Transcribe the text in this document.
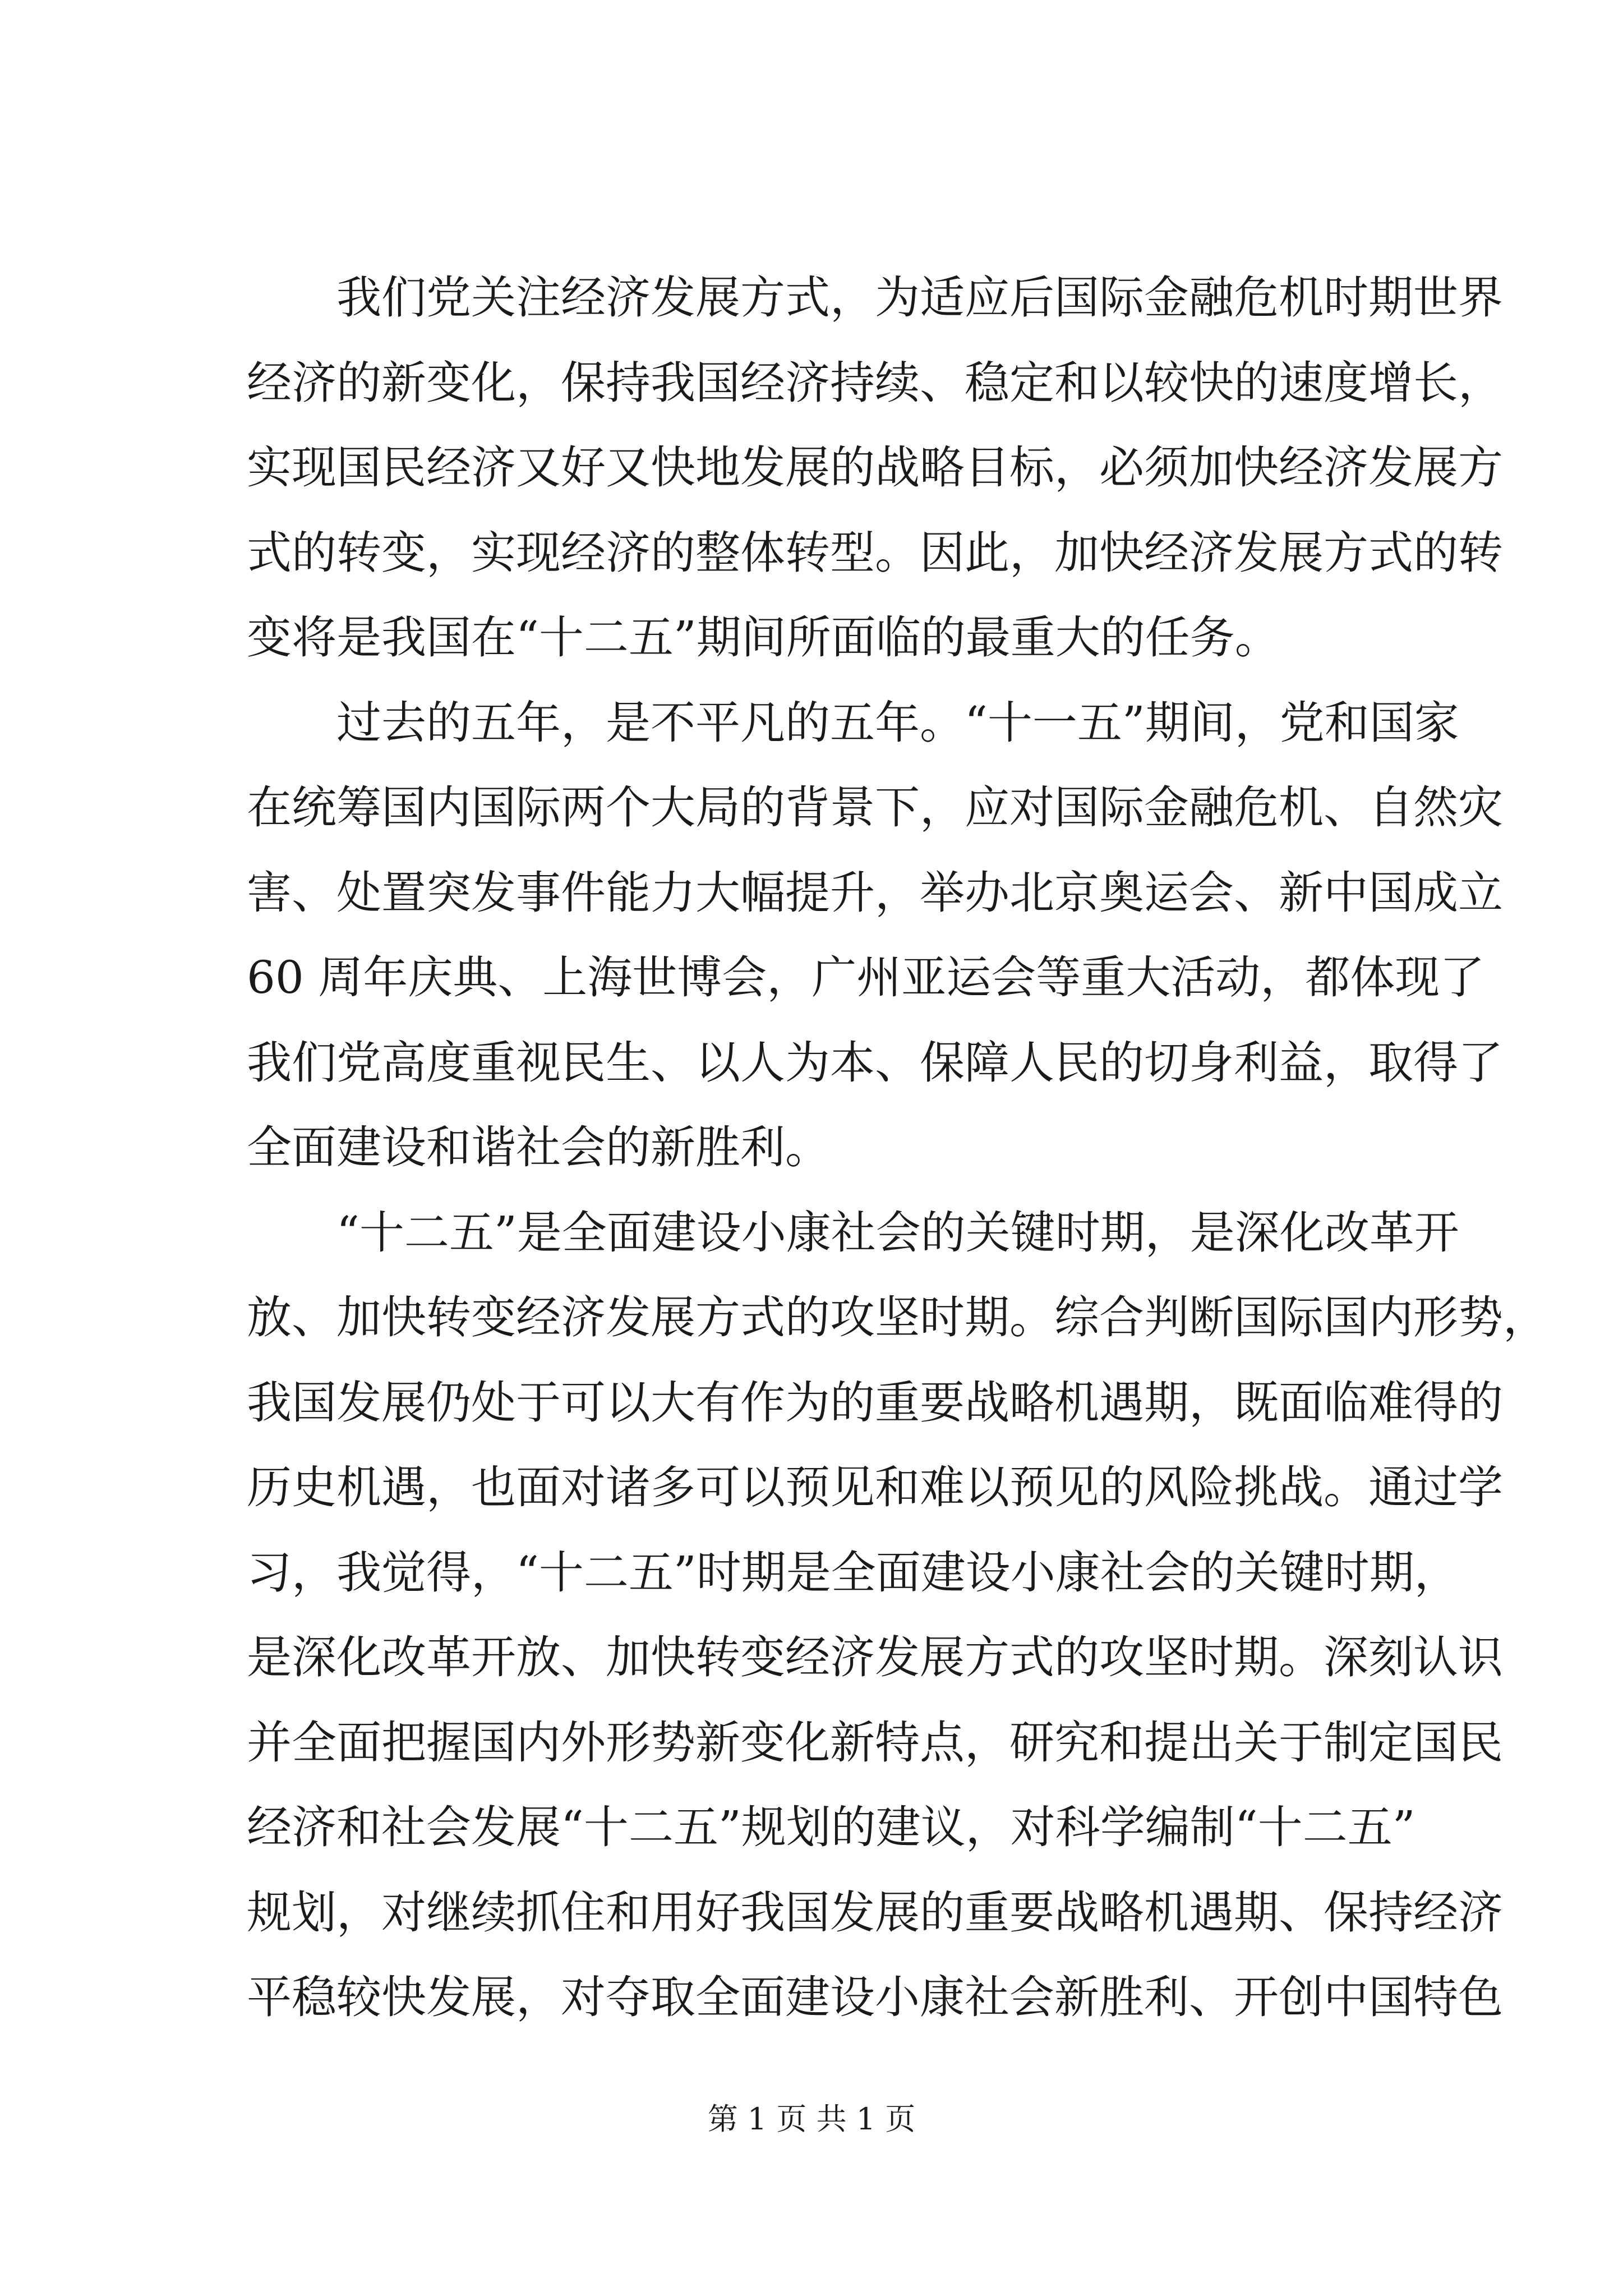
我们党关注经济发展方式，为适应后国际金融危机时期世界
经济的新变化，保持我国经济持续、稳定和以较快的速度增长，
实现国民经济又好又快地发展的战略目标，必须加快经济发展方
式的转变，实现经济的整体转型。因此，加快经济发展方式的转
变将是我国在“十二五”期间所面临的最重大的任务。
过去的五年，是不平凡的五年。“十一五”期间，党和国家
在统筹国内国际两个大局的背景下，应对国际金融危机、自然灾
害、处置突发事件能力大幅提升，举办北京奥运会、新中国成立
60 周年庆典、上海世博会，广州亚运会等重大活动，都体现了
我们党高度重视民生、以人为本、保障人民的切身利益，取得了
全面建设和谐社会的新胜利。
“十二五”是全面建设小康社会的关键时期，是深化改革开
放、加快转变经济发展方式的攻坚时期。综合判断国际国内形势，
我国发展仍处于可以大有作为的重要战略机遇期，既面临难得的
历史机遇，也面对诸多可以预见和难以预见的风险挑战。通过学
习，我觉得，“十二五”时期是全面建设小康社会的关键时期，
是深化改革开放、加快转变经济发展方式的攻坚时期。深刻认识
并全面把握国内外形势新变化新特点，研究和提出关于制定国民
经济和社会发展“十二五”规划的建议，对科学编制“十二五”
规划，对继续抓住和用好我国发展的重要战略机遇期、保持经济
平稳较快发展，对夺取全面建设小康社会新胜利、开创中国特色
第 1 页 共 1 页
